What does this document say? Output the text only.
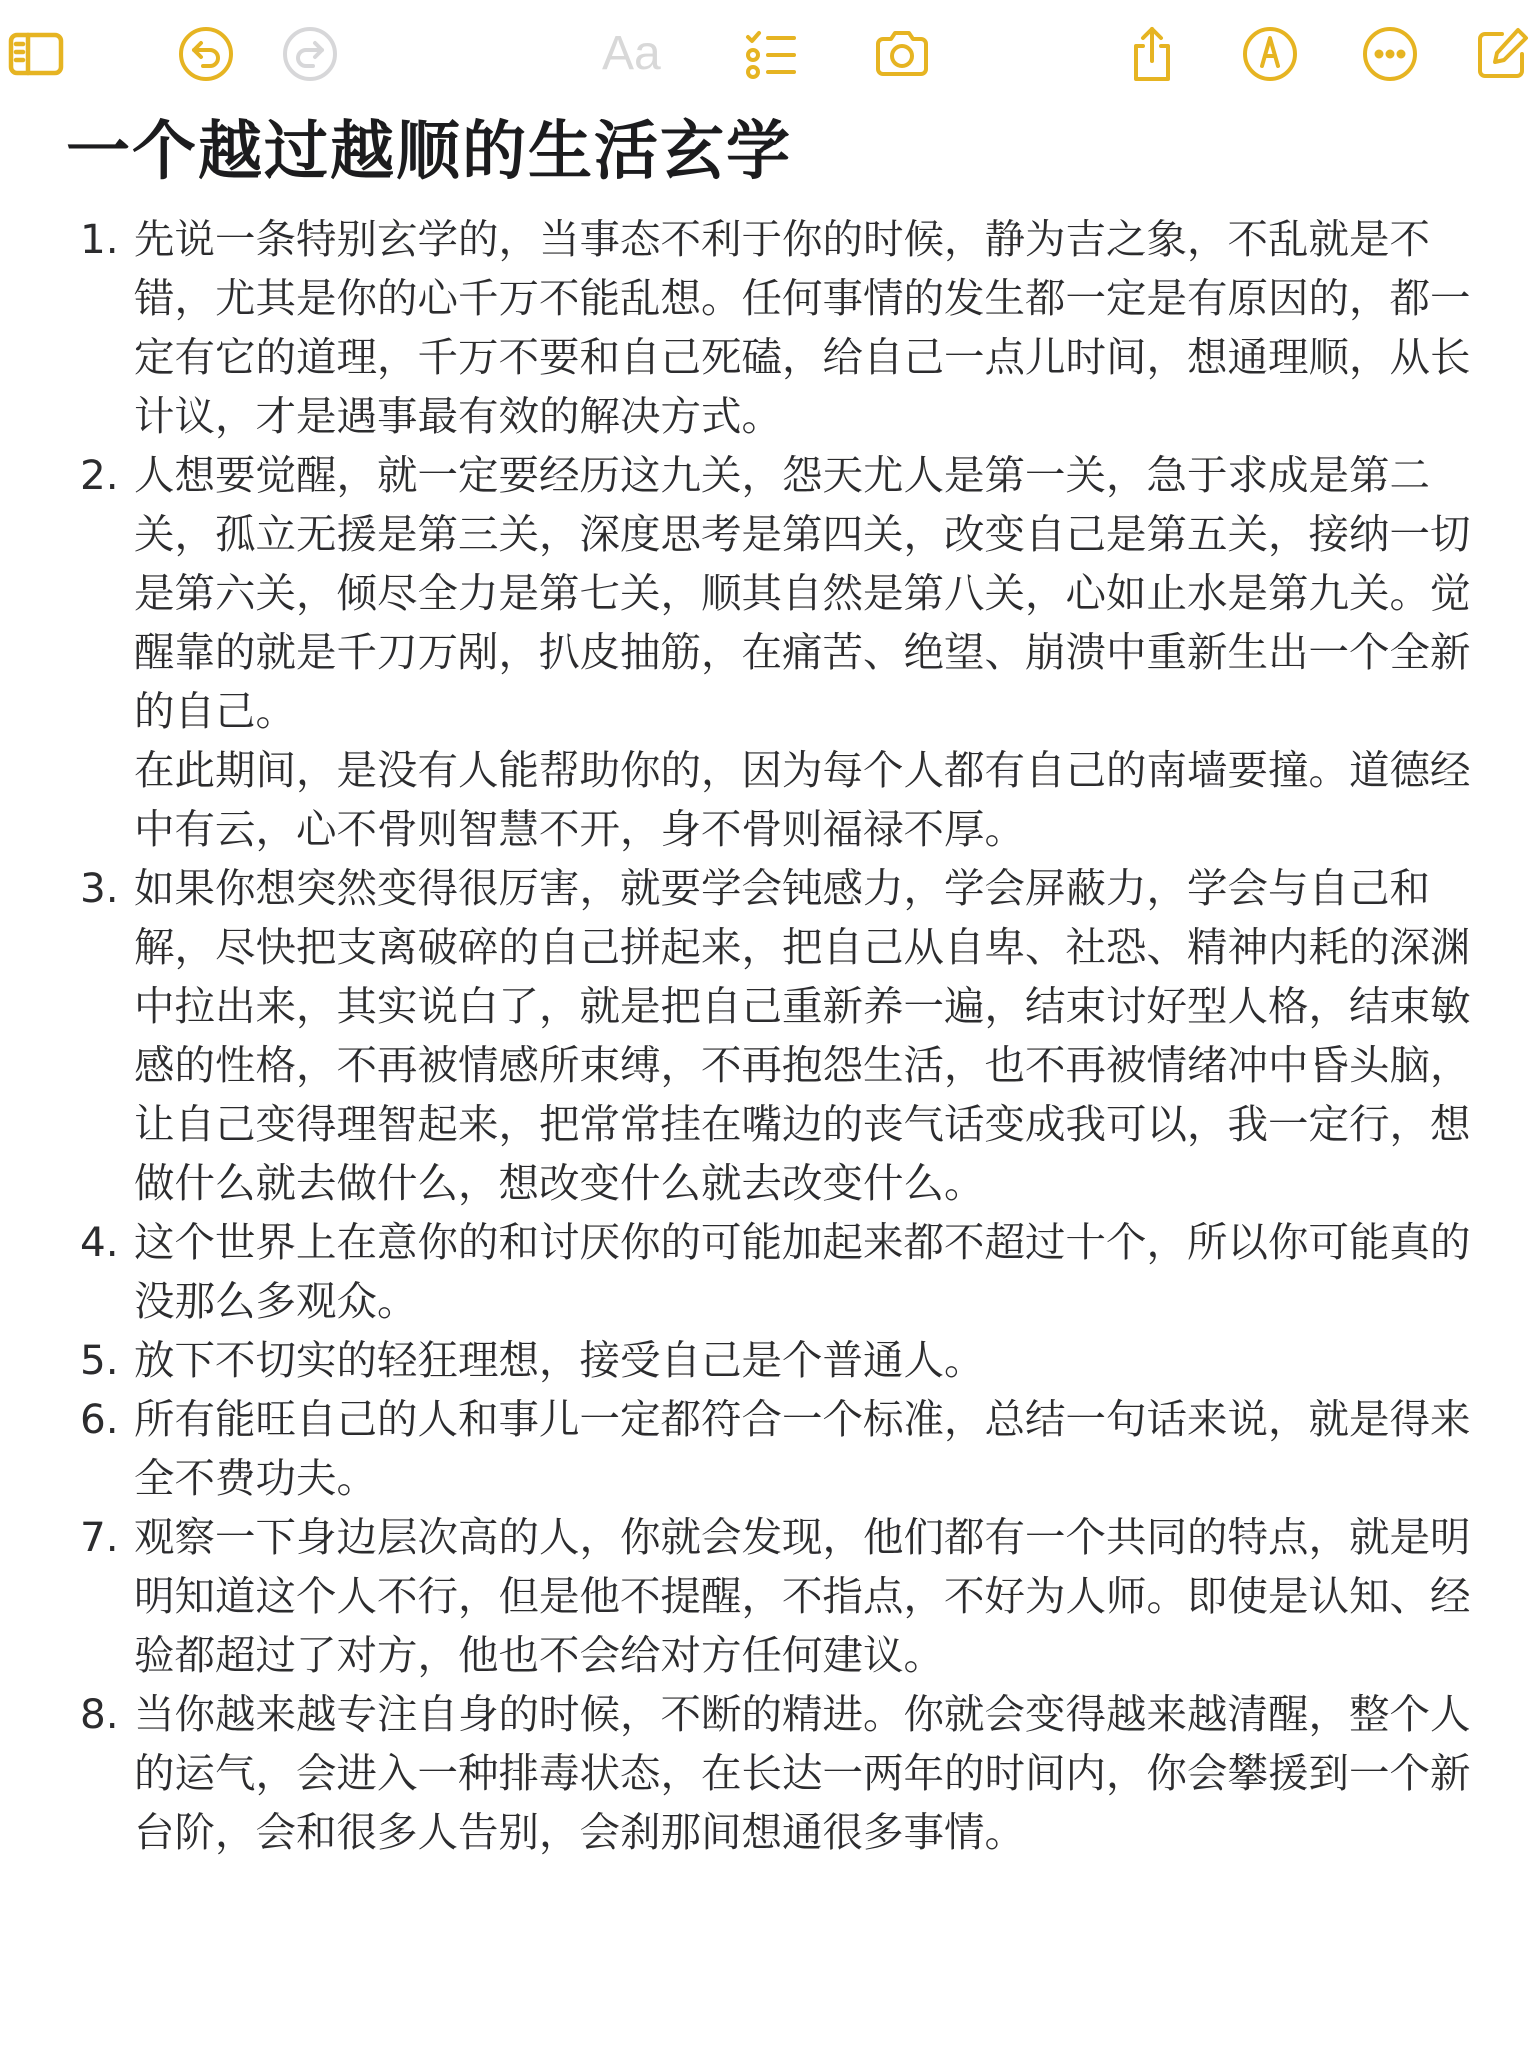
Aa
一个越过越顺的生活玄学
1. 先说一条特别玄学的，当事态不利于你的时候，静为吉之象，不乱就是不错，尤其是你的心千万不能乱想。任何事情的发生都一定是有原因的，都一定有它的道理，千万不要和自己死磕，给自己一点儿时间，想通理顺，从长计议，才是遇事最有效的解决方式。
2. 人想要觉醒，就一定要经历这九关，怨天尤人是第一关，急于求成是第二关，孤立无援是第三关，深度思考是第四关，改变自己是第五关，接纳一切是第六关，倾尽全力是第七关，顺其自然是第八关，心如止水是第九关。觉醒靠的就是千刀万剐，扒皮抽筋，在痛苦、绝望、崩溃中重新生出一个全新的自己。
在此期间，是没有人能帮助你的，因为每个人都有自己的南墙要撞。道德经中有云，心不骨则智慧不开，身不骨则福禄不厚。
3. 如果你想突然变得很厉害，就要学会钝感力，学会屏蔽力，学会与自己和解，尽快把支离破碎的自己拼起来，把自己从自卑、社恐、精神内耗的深渊中拉出来，其实说白了，就是把自己重新养一遍，结束讨好型人格，结束敏感的性格，不再被情感所束缚，不再抱怨生活，也不再被情绪冲中昏头脑，让自己变得理智起来，把常常挂在嘴边的丧气话变成我可以，我一定行，想做什么就去做什么，想改变什么就去改变什么。
4. 这个世界上在意你的和讨厌你的可能加起来都不超过十个，所以你可能真的没那么多观众。
5. 放下不切实的轻狂理想，接受自己是个普通人。
6. 所有能旺自己的人和事儿一定都符合一个标准，总结一句话来说，就是得来全不费功夫。
7. 观察一下身边层次高的人，你就会发现，他们都有一个共同的特点，就是明明知道这个人不行，但是他不提醒，不指点，不好为人师。即使是认知、经验都超过了对方，他也不会给对方任何建议。
8. 当你越来越专注自身的时候，不断的精进。你就会变得越来越清醒，整个人的运气，会进入一种排毒状态，在长达一两年的时间内，你会攀援到一个新台阶，会和很多人告别，会刹那间想通很多事情。
